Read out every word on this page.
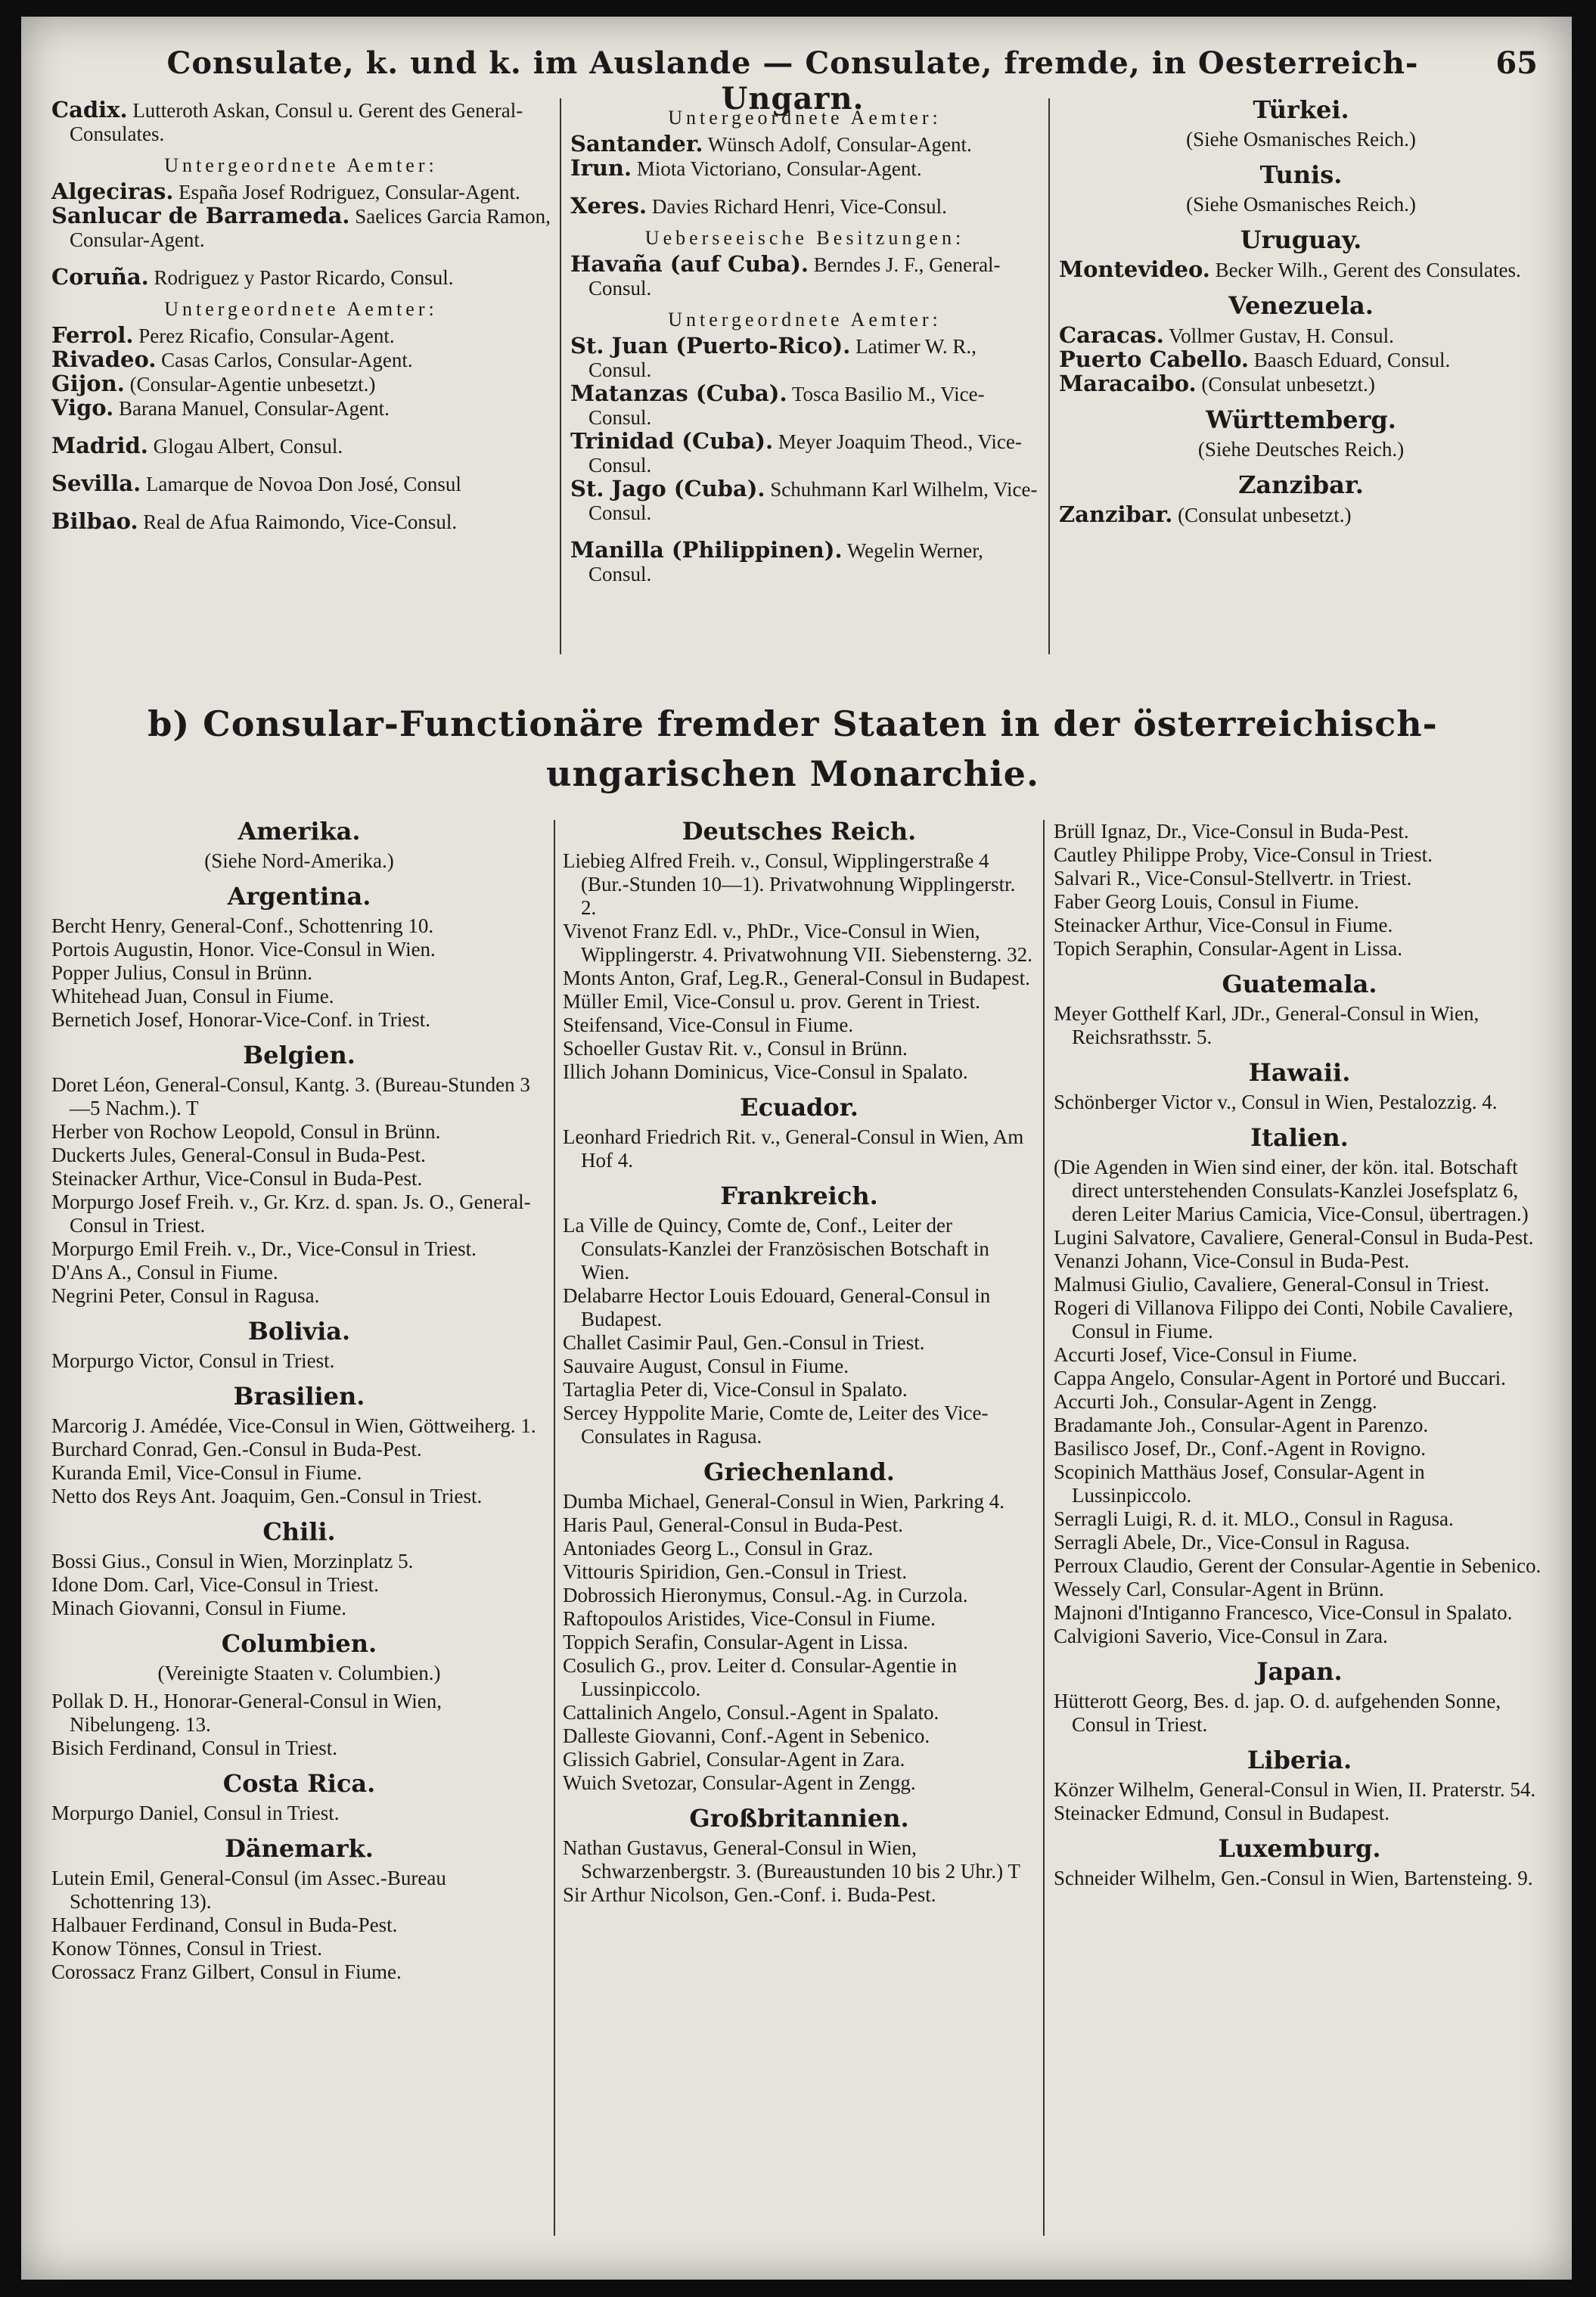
Consulate, k. und k. im Auslande — Consulate, fremde, in Oesterreich-Ungarn.
65

Cadix. Lutteroth Askan, Consul u. Gerent des General-Consulates.

Untergeordnete Aemter:

Algeciras. España Josef Rodriguez, Consular-Agent.

Sanlucar de Barrameda. Saelices Garcia Ramon, Consular-Agent.

Coruña. Rodriguez y Pastor Ricardo, Consul.

Untergeordnete Aemter:

Ferrol. Perez Ricafio, Consular-Agent.

Rivadeo. Casas Carlos, Consular-Agent.

Gijon. (Consular-Agentie unbesetzt.)

Vigo. Barana Manuel, Consular-Agent.

Madrid. Glogau Albert, Consul.

Sevilla. Lamarque de Novoa Don José, Consul

Bilbao. Real de Afua Raimondo, Vice-Consul.

Untergeordnete Aemter:

Santander. Wünsch Adolf, Consular-Agent.

Irun. Miota Victoriano, Consular-Agent.

Xeres. Davies Richard Henri, Vice-Consul.

Ueberseeische Besitzungen:

Havaña (auf Cuba). Berndes J. F., General-Consul.

Untergeordnete Aemter:

St. Juan (Puerto-Rico). Latimer W. R., Consul.

Matanzas (Cuba). Tosca Basilio M., Vice-Consul.

Trinidad (Cuba). Meyer Joaquim Theod., Vice-Consul.

St. Jago (Cuba). Schuhmann Karl Wilhelm, Vice-Consul.

Manilla (Philippinen). Wegelin Werner, Consul.

Türkei.
(Siehe Osmanisches Reich.)
Tunis.
(Siehe Osmanisches Reich.)
Uruguay.

Montevideo. Becker Wilh., Gerent des Consulates.

Venezuela.

Caracas. Vollmer Gustav, H. Consul.

Puerto Cabello. Baasch Eduard, Consul.

Maracaibo. (Consulat unbesetzt.)

Württemberg.
(Siehe Deutsches Reich.)
Zanzibar.

Zanzibar. (Consulat unbesetzt.)

b) Consular-Functionäre fremder Staaten in der österreichisch-ungarischen Monarchie.
Amerika.
(Siehe Nord-Amerika.)
Argentina.

Bercht Henry, General-Conf., Schottenring 10.

Portois Augustin, Honor. Vice-Consul in Wien.

Popper Julius, Consul in Brünn.

Whitehead Juan, Consul in Fiume.

Bernetich Josef, Honorar-Vice-Conf. in Triest.

Belgien.

Doret Léon, General-Consul, Kantg. 3. (Bureau-Stunden 3—5 Nachm.). T

Herber von Rochow Leopold, Consul in Brünn.

Duckerts Jules, General-Consul in Buda-Pest.

Steinacker Arthur, Vice-Consul in Buda-Pest.

Morpurgo Josef Freih. v., Gr. Krz. d. span. Js. O., General-Consul in Triest.

Morpurgo Emil Freih. v., Dr., Vice-Consul in Triest.

D'Ans A., Consul in Fiume.

Negrini Peter, Consul in Ragusa.

Bolivia.

Morpurgo Victor, Consul in Triest.

Brasilien.

Marcorig J. Amédée, Vice-Consul in Wien, Göttweiherg. 1.

Burchard Conrad, Gen.-Consul in Buda-Pest.

Kuranda Emil, Vice-Consul in Fiume.

Netto dos Reys Ant. Joaquim, Gen.-Consul in Triest.

Chili.

Bossi Gius., Consul in Wien, Morzinplatz 5.

Idone Dom. Carl, Vice-Consul in Triest.

Minach Giovanni, Consul in Fiume.

Columbien.
(Vereinigte Staaten v. Columbien.)

Pollak D. H., Honorar-General-Consul in Wien, Nibelungeng. 13.

Bisich Ferdinand, Consul in Triest.

Costa Rica.

Morpurgo Daniel, Consul in Triest.

Dänemark.

Lutein Emil, General-Consul (im Assec.-Bureau Schottenring 13).

Halbauer Ferdinand, Consul in Buda-Pest.

Konow Tönnes, Consul in Triest.

Corossacz Franz Gilbert, Consul in Fiume.

Deutsches Reich.

Liebieg Alfred Freih. v., Consul, Wipplingerstraße 4 (Bur.-Stunden 10—1). Privatwohnung Wipplingerstr. 2.

Vivenot Franz Edl. v., PhDr., Vice-Consul in Wien, Wipplingerstr. 4. Privatwohnung VII. Siebensterng. 32.

Monts Anton, Graf, Leg.R., General-Consul in Budapest.

Müller Emil, Vice-Consul u. prov. Gerent in Triest.

Steifensand, Vice-Consul in Fiume.

Schoeller Gustav Rit. v., Consul in Brünn.

Illich Johann Dominicus, Vice-Consul in Spalato.

Ecuador.

Leonhard Friedrich Rit. v., General-Consul in Wien, Am Hof 4.

Frankreich.

La Ville de Quincy, Comte de, Conf., Leiter der Consulats-Kanzlei der Französischen Botschaft in Wien.

Delabarre Hector Louis Edouard, General-Consul in Budapest.

Challet Casimir Paul, Gen.-Consul in Triest.

Sauvaire August, Consul in Fiume.

Tartaglia Peter di, Vice-Consul in Spalato.

Sercey Hyppolite Marie, Comte de, Leiter des Vice-Consulates in Ragusa.

Griechenland.

Dumba Michael, General-Consul in Wien, Parkring 4.

Haris Paul, General-Consul in Buda-Pest.

Antoniades Georg L., Consul in Graz.

Vittouris Spiridion, Gen.-Consul in Triest.

Dobrossich Hieronymus, Consul.-Ag. in Curzola.

Raftopoulos Aristides, Vice-Consul in Fiume.

Toppich Serafin, Consular-Agent in Lissa.

Cosulich G., prov. Leiter d. Consular-Agentie in Lussinpiccolo.

Cattalinich Angelo, Consul.-Agent in Spalato.

Dalleste Giovanni, Conf.-Agent in Sebenico.

Glissich Gabriel, Consular-Agent in Zara.

Wuich Svetozar, Consular-Agent in Zengg.

Großbritannien.

Nathan Gustavus, General-Consul in Wien, Schwarzenbergstr. 3. (Bureaustunden 10 bis 2 Uhr.) T

Sir Arthur Nicolson, Gen.-Conf. i. Buda-Pest.

Brüll Ignaz, Dr., Vice-Consul in Buda-Pest.

Cautley Philippe Proby, Vice-Consul in Triest.

Salvari R., Vice-Consul-Stellvertr. in Triest.

Faber Georg Louis, Consul in Fiume.

Steinacker Arthur, Vice-Consul in Fiume.

Topich Seraphin, Consular-Agent in Lissa.

Guatemala.

Meyer Gotthelf Karl, JDr., General-Consul in Wien, Reichsrathsstr. 5.

Hawaii.

Schönberger Victor v., Consul in Wien, Pestalozzig. 4.

Italien.

(Die Agenden in Wien sind einer, der kön. ital. Botschaft direct unterstehenden Consulats-Kanzlei Josefsplatz 6, deren Leiter Marius Camicia, Vice-Consul, übertragen.)

Lugini Salvatore, Cavaliere, General-Consul in Buda-Pest.

Venanzi Johann, Vice-Consul in Buda-Pest.

Malmusi Giulio, Cavaliere, General-Consul in Triest.

Rogeri di Villanova Filippo dei Conti, Nobile Cavaliere, Consul in Fiume.

Accurti Josef, Vice-Consul in Fiume.

Cappa Angelo, Consular-Agent in Portoré und Buccari.

Accurti Joh., Consular-Agent in Zengg.

Bradamante Joh., Consular-Agent in Parenzo.

Basilisco Josef, Dr., Conf.-Agent in Rovigno.

Scopinich Matthäus Josef, Consular-Agent in Lussinpiccolo.

Serragli Luigi, R. d. it. MLO., Consul in Ragusa.

Serragli Abele, Dr., Vice-Consul in Ragusa.

Perroux Claudio, Gerent der Consular-Agentie in Sebenico.

Wessely Carl, Consular-Agent in Brünn.

Majnoni d'Intiganno Francesco, Vice-Consul in Spalato.

Calvigioni Saverio, Vice-Consul in Zara.

Japan.

Hütterott Georg, Bes. d. jap. O. d. aufgehenden Sonne, Consul in Triest.

Liberia.

Könzer Wilhelm, General-Consul in Wien, II. Praterstr. 54.

Steinacker Edmund, Consul in Budapest.

Luxemburg.

Schneider Wilhelm, Gen.-Consul in Wien, Bartensteing. 9.
